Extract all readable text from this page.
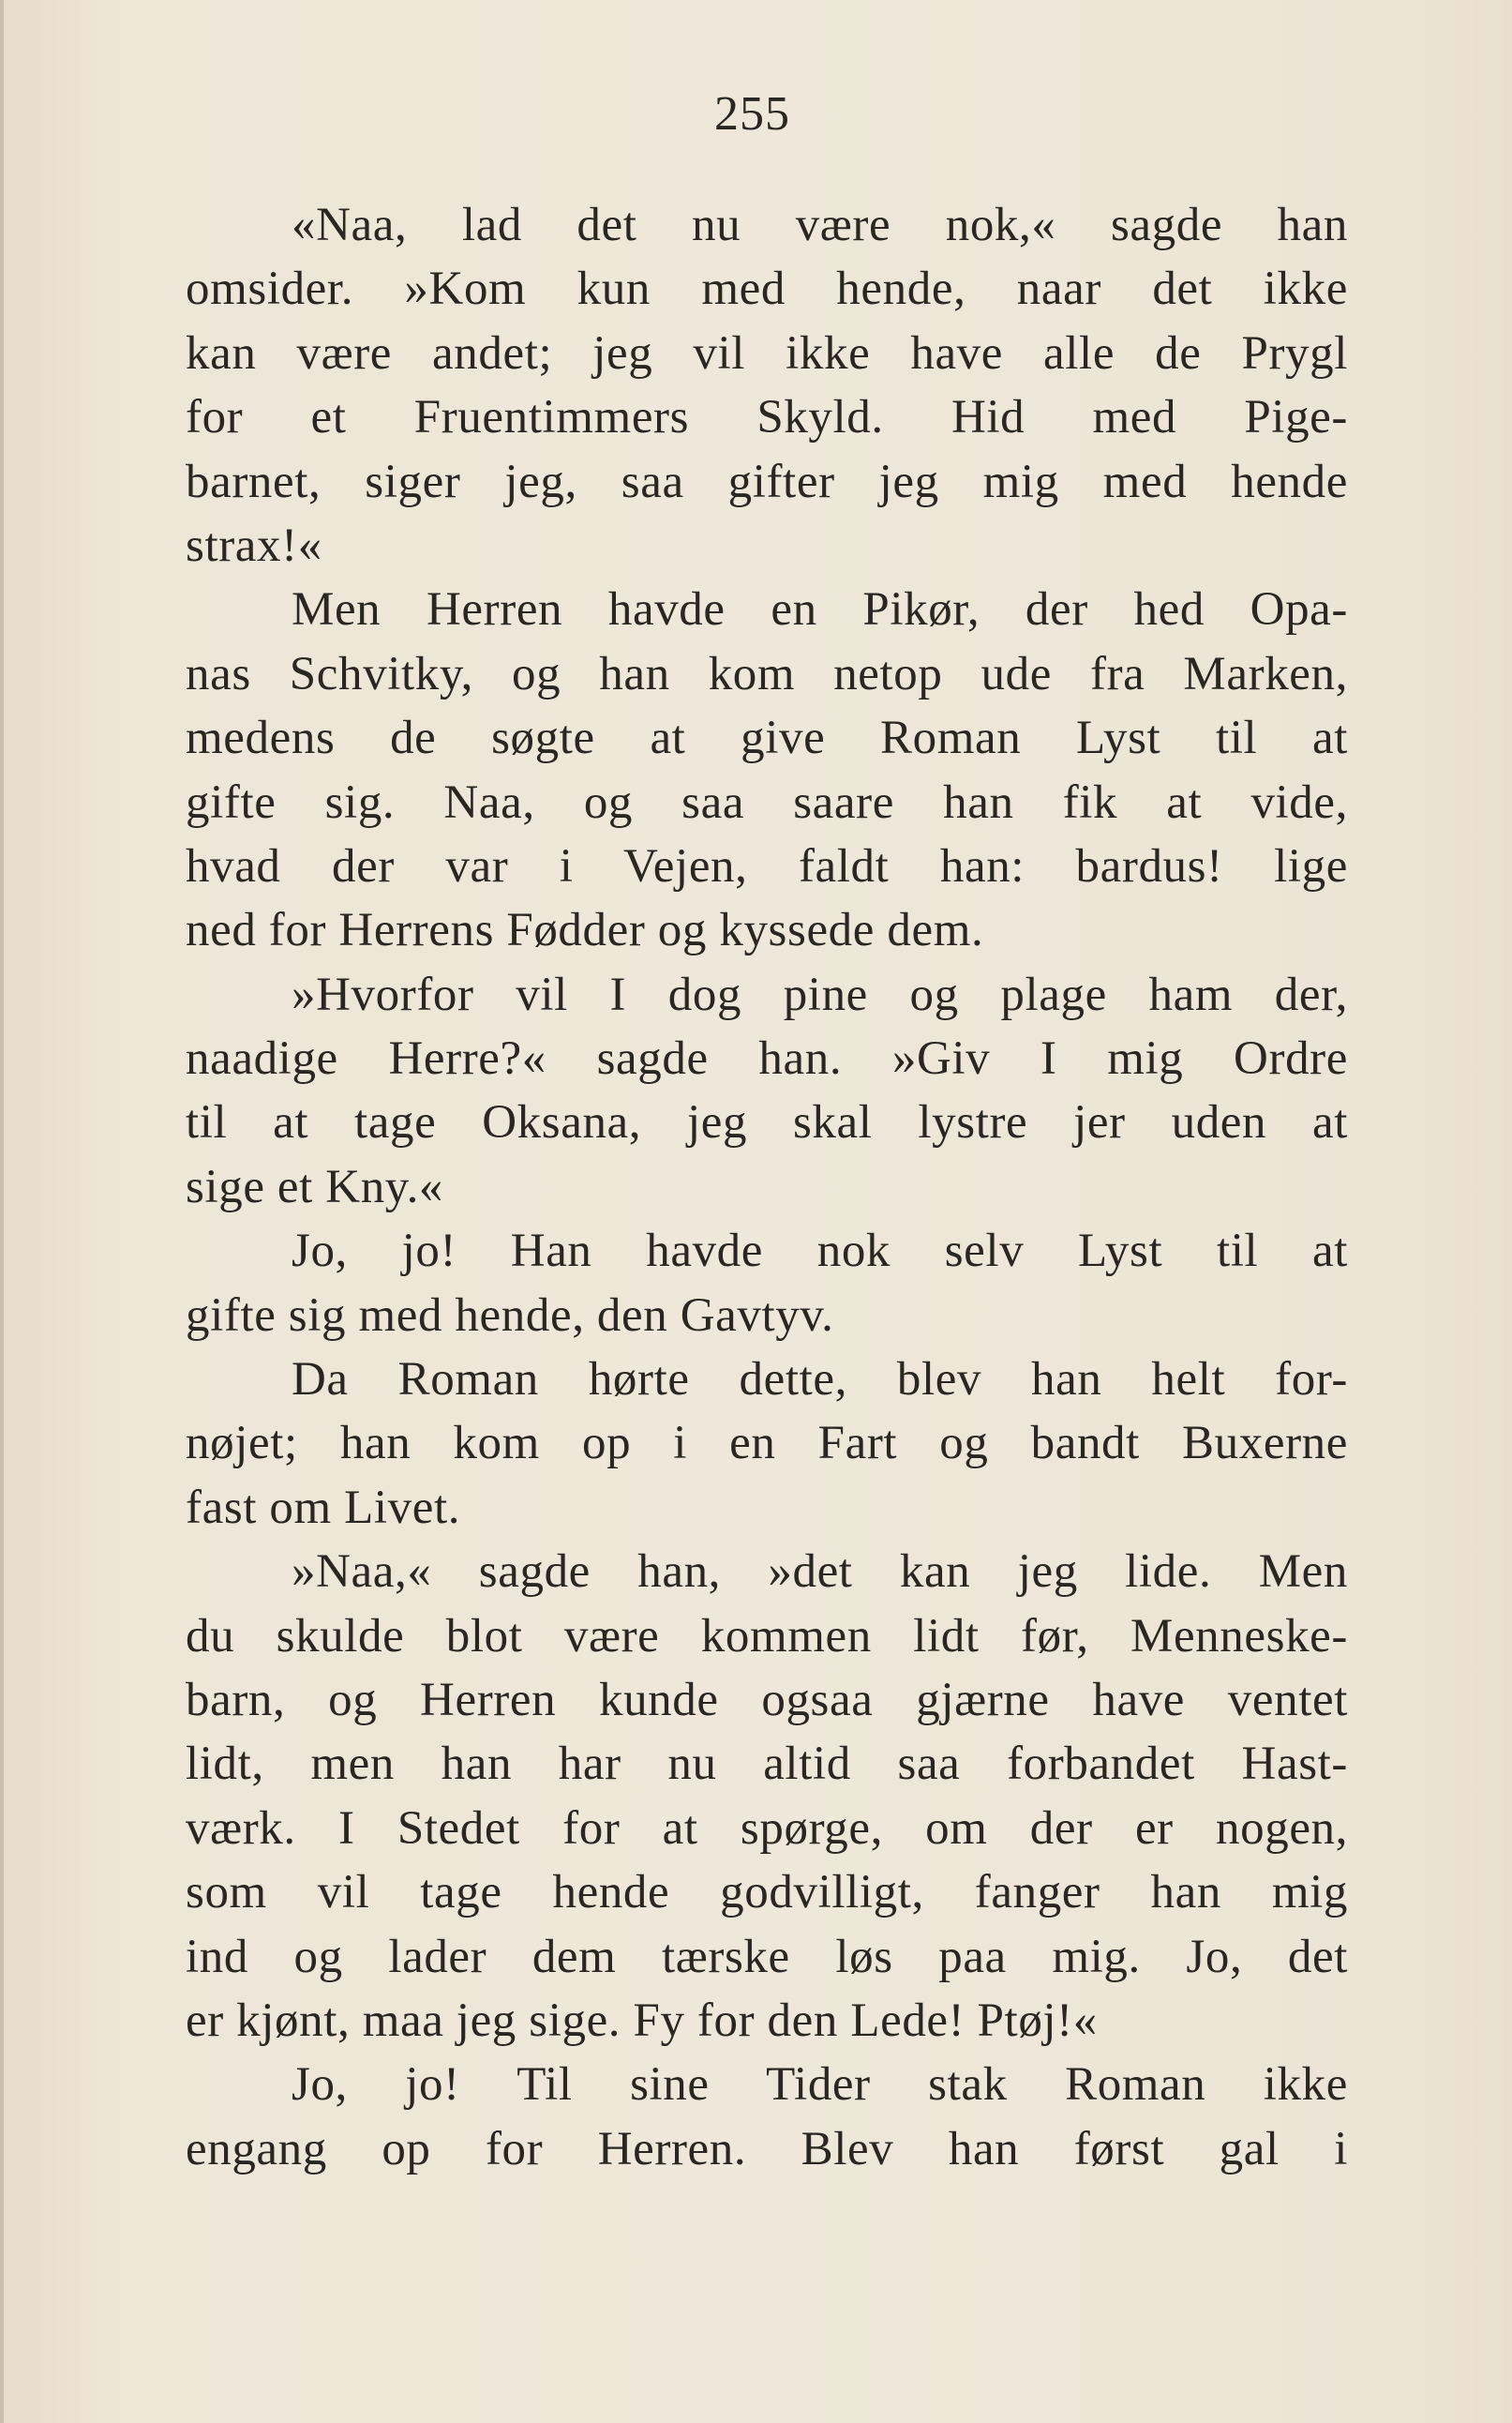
255
«Naa, lad det nu være nok,« sagde han
omsider. »Kom kun med hende, naar det ikke
kan være andet; jeg vil ikke have alle de Prygl
for et Fruentimmers Skyld. Hid med Pige-
barnet, siger jeg, saa gifter jeg mig med hende
strax!«
Men Herren havde en Pikør, der hed Opa-
nas Schvitky, og han kom netop ude fra Marken,
medens de søgte at give Roman Lyst til at
gifte sig. Naa, og saa saare han fik at vide,
hvad der var i Vejen, faldt han: bardus! lige
ned for Herrens Fødder og kyssede dem.
»Hvorfor vil I dog pine og plage ham der,
naadige Herre?« sagde han. »Giv I mig Ordre
til at tage Oksana, jeg skal lystre jer uden at
sige et Kny.«
Jo, jo! Han havde nok selv Lyst til at
gifte sig med hende, den Gavtyv.
Da Roman hørte dette, blev han helt for-
nøjet; han kom op i en Fart og bandt Buxerne
fast om Livet.
»Naa,« sagde han, »det kan jeg lide. Men
du skulde blot være kommen lidt før, Menneske-
barn, og Herren kunde ogsaa gjærne have ventet
lidt, men han har nu altid saa forbandet Hast-
værk. I Stedet for at spørge, om der er nogen,
som vil tage hende godvilligt, fanger han mig
ind og lader dem tærske løs paa mig. Jo, det
er kjønt, maa jeg sige. Fy for den Lede! Ptøj!«
Jo, jo! Til sine Tider stak Roman ikke
engang op for Herren. Blev han først gal i
